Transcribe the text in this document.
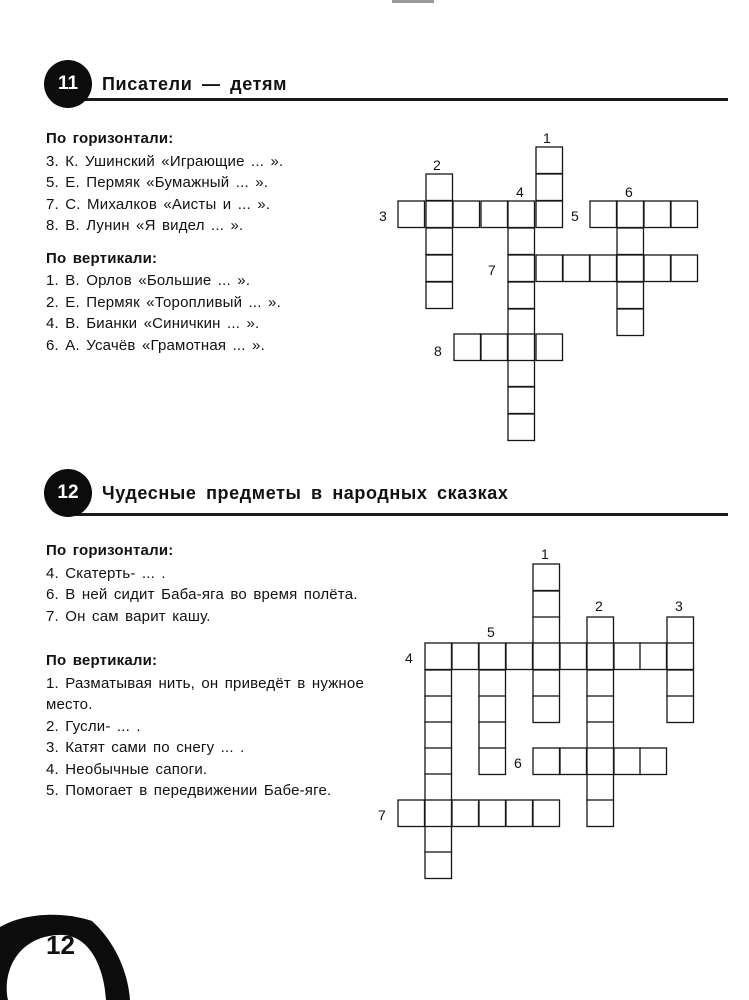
11	Писатели — детям
По горизонтали:
3. К. Ушинский «Играющие ... ».
5. Е. Пермяк «Бумажный ... ».
7. С. Михалков «Аисты и ... ».
8. В. Лунин «Я видел ... ».
По вертикали:
1. В. Орлов «Большие ... ».
2. Е. Пермяк «Торопливый ... ».
4. В. Бианки «Синичкин ... ».
6. А. Усачёв «Грамотная ... ».
1
2
3
4
5
6
7
8
12	Чудесные предметы в народных сказках
По горизонтали:
4. Скатерть- ... .
6. В ней сидит Баба-яга во время полёта.
7. Он сам варит кашу.
По вертикали:
1. Разматывая нить, он приведёт в нужное место.
2. Гусли- ... .
3. Катят сами по снегу ... .
4. Необычные сапоги.
5. Помогает в передвижении Бабе-яге.
1
2	3
4
5
6
7
12
